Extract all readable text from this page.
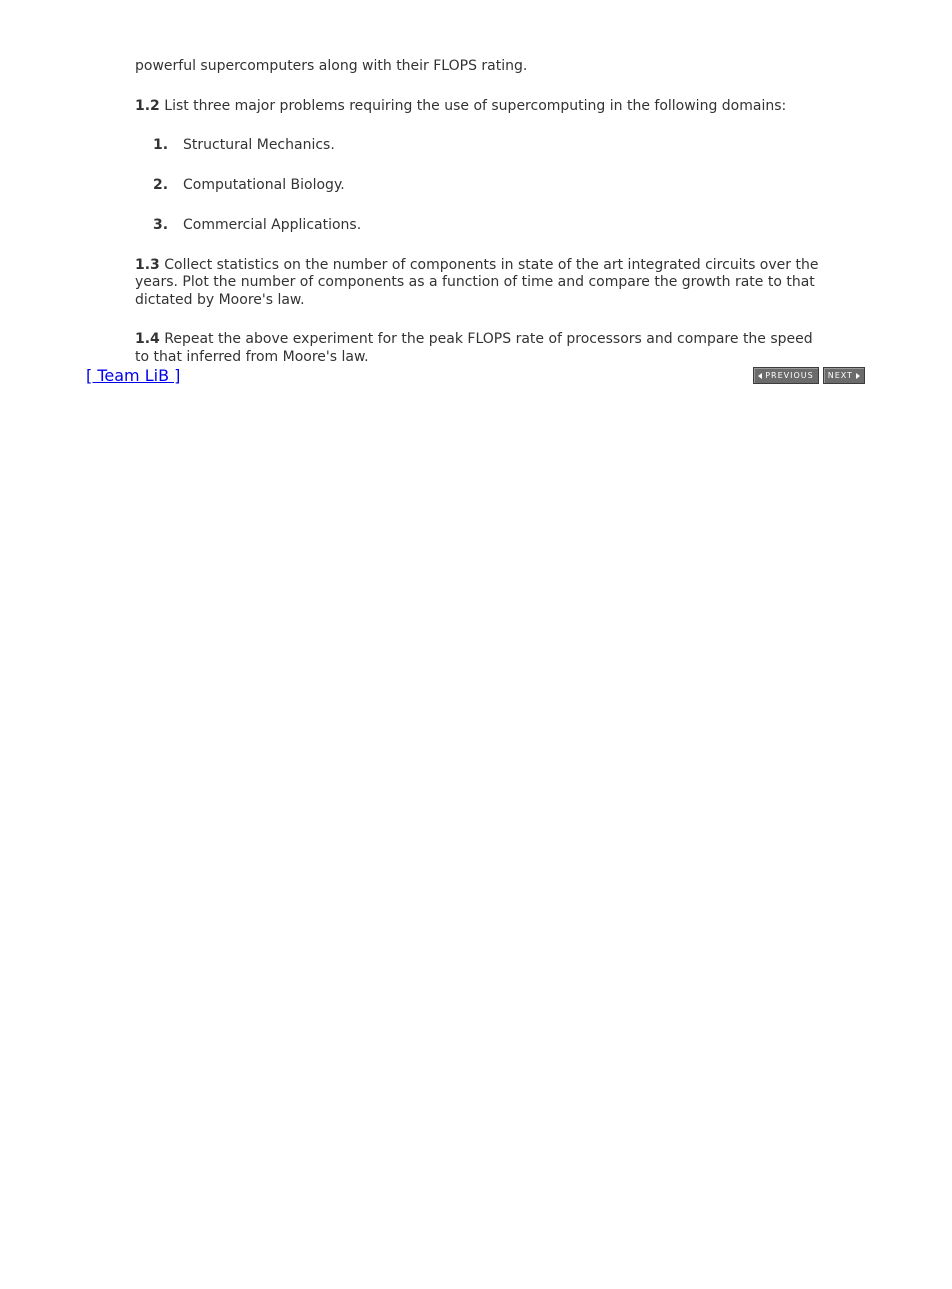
powerful supercomputers along with their FLOPS rating.

1.2 List three major problems requiring the use of supercomputing in the following domains:

1.	Structural Mechanics.
2.	Computational Biology.
3.	Commercial Applications.

1.3 Collect statistics on the number of components in state of the art integrated circuits over the years. Plot the number of components as a function of time and compare the growth rate to that dictated by Moore's law.

1.4 Repeat the above experiment for the peak FLOPS rate of processors and compare the speed to that inferred from Moore's law.

[ Team LiB ]	PREVIOUS NEXT
